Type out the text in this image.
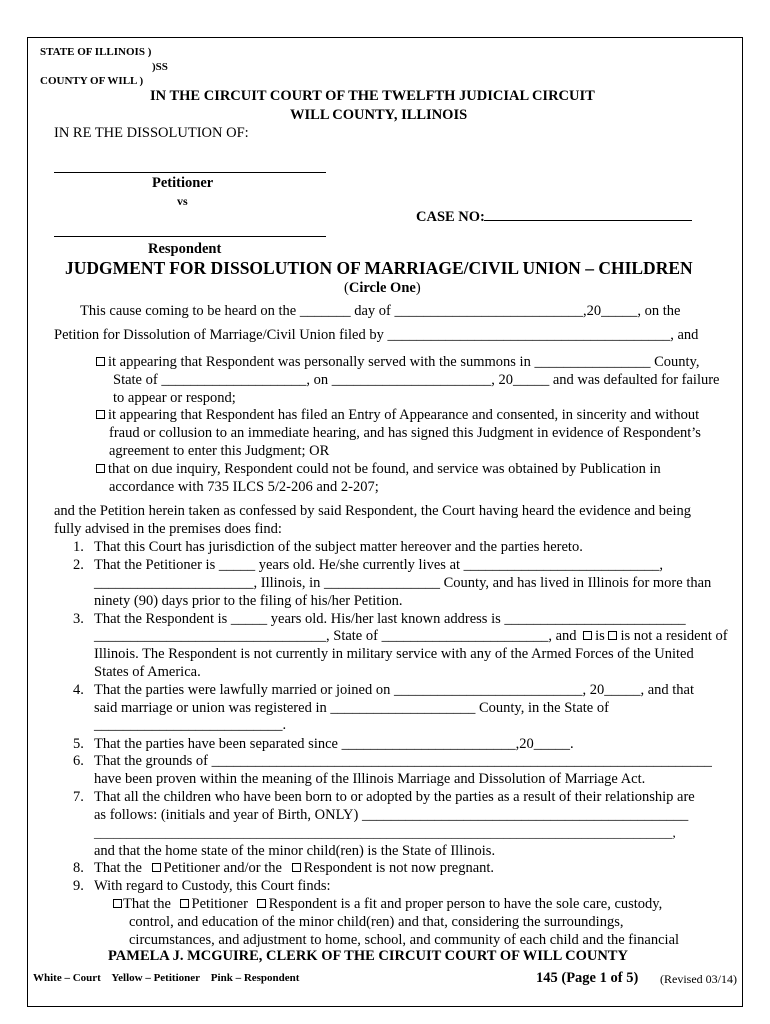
STATE OF ILLINOIS )
)SS
COUNTY OF WILL )
IN THE CIRCUIT COURT OF THE TWELFTH JUDICIAL CIRCUIT
WILL COUNTY, ILLINOIS
IN RE THE DISSOLUTION OF:
Petitioner
vs
CASE NO:
Respondent
JUDGMENT FOR DISSOLUTION OF MARRIAGE/CIVIL UNION – CHILDREN
(Circle One)
This cause coming to be heard on the _______ day of __________________________,20_____, on the
Petition for Dissolution of Marriage/Civil Union filed by _______________________________________, and
it appearing that Respondent was personally served with the summons in ________________ County,
State of ____________________, on ______________________, 20_____ and was defaulted for failure
to appear or respond;
it appearing that Respondent has filed an Entry of Appearance and consented, in sincerity and without
fraud or collusion to an immediate hearing, and has signed this Judgment in evidence of Respondent’s
agreement to enter this Judgment; OR
that on due inquiry, Respondent could not be found, and service was obtained by Publication in
accordance with 735 ILCS 5/2-206 and 2-207;
and the Petition herein taken as confessed by said Respondent, the Court having heard the evidence and being
fully advised in the premises does find:
1. That this Court has jurisdiction of the subject matter hereover and the parties hereto.
2. That the Petitioner is _____ years old. He/she currently lives at ___________________________,
______________________, Illinois, in ________________ County, and has lived in Illinois for more than
ninety (90) days prior to the filing of his/her Petition.
3. That the Respondent is _____ years old. His/her last known address is _________________________
________________________________, State of _______________________, and is is not a resident of
Illinois. The Respondent is not currently in military service with any of the Armed Forces of the United
States of America.
4. That the parties were lawfully married or joined on __________________________, 20_____, and that
said marriage or union was registered in ____________________ County, in the State of
__________________________.
5. That the parties have been separated since ________________________,20_____.
6. That the grounds of _____________________________________________________________________
have been proven within the meaning of the Illinois Marriage and Dissolution of Marriage Act.
7. That all the children who have been born to or adopted by the parties as a result of their relationship are
as follows: (initials and year of Birth, ONLY) _____________________________________________
_________________________________________________________________________________________,
and that the home state of the minor child(ren) is the State of Illinois.
8. That the Petitioner and/or the Respondent is not now pregnant.
9. With regard to Custody, this Court finds:
That the Petitioner Respondent is a fit and proper person to have the sole care, custody,
control, and education of the minor child(ren) and that, considering the surroundings,
circumstances, and adjustment to home, school, and community of each child and the financial
PAMELA J. MCGUIRE, CLERK OF THE CIRCUIT COURT OF WILL COUNTY
White – Court    Yellow – Petitioner    Pink – Respondent	145 (Page 1 of 5) (Revised 03/14)
